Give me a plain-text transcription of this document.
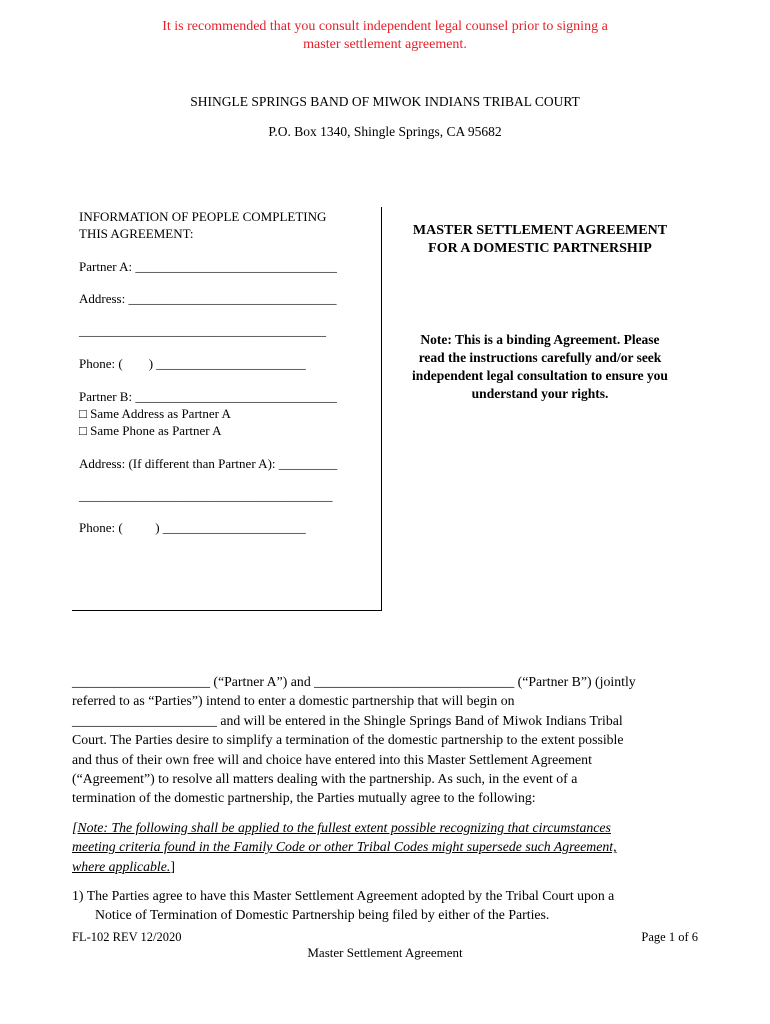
It is recommended that you consult independent legal counsel prior to signing a
master settlement agreement.
SHINGLE SPRINGS BAND OF MIWOK INDIANS TRIBAL COURT
P.O. Box 1340, Shingle Springs, CA 95682
INFORMATION OF PEOPLE COMPLETING
THIS AGREEMENT:
Partner A: _______________________________
Address: ________________________________
______________________________________
Phone: (        ) _______________________
Partner B: _______________________________
□ Same Address as Partner A
□ Same Phone as Partner A
Address: (If different than Partner A): _________
_______________________________________
Phone: (          ) ______________________
MASTER SETTLEMENT AGREEMENT
FOR A DOMESTIC PARTNERSHIP
Note: This is a binding Agreement. Please
read the instructions carefully and/or seek
independent legal consultation to ensure you
understand your rights.

____________________ (“Partner A”) and _____________________________ (“Partner B”) (jointly

referred to as “Parties”) intend to enter a domestic partnership that will begin on

_____________________ and will be entered in the Shingle Springs Band of Miwok Indians Tribal

Court. The Parties desire to simplify a termination of the domestic partnership to the extent possible

and thus of their own free will and choice have entered into this Master Settlement Agreement

(“Agreement”) to resolve all matters dealing with the partnership. As such, in the event of a

termination of the domestic partnership, the Parties mutually agree to the following:

[Note: The following shall be applied to the fullest extent possible recognizing that circumstances
meeting criteria found in the Family Code or other Tribal Codes might supersede such Agreement,
where applicable.]
1) The Parties agree to have this Master Settlement Agreement adopted by the Tribal Court upon a
Notice of Termination of Domestic Partnership being filed by either of the Parties.
FL-102 REV 12/2020	Page 1 of 6
Master Settlement Agreement
